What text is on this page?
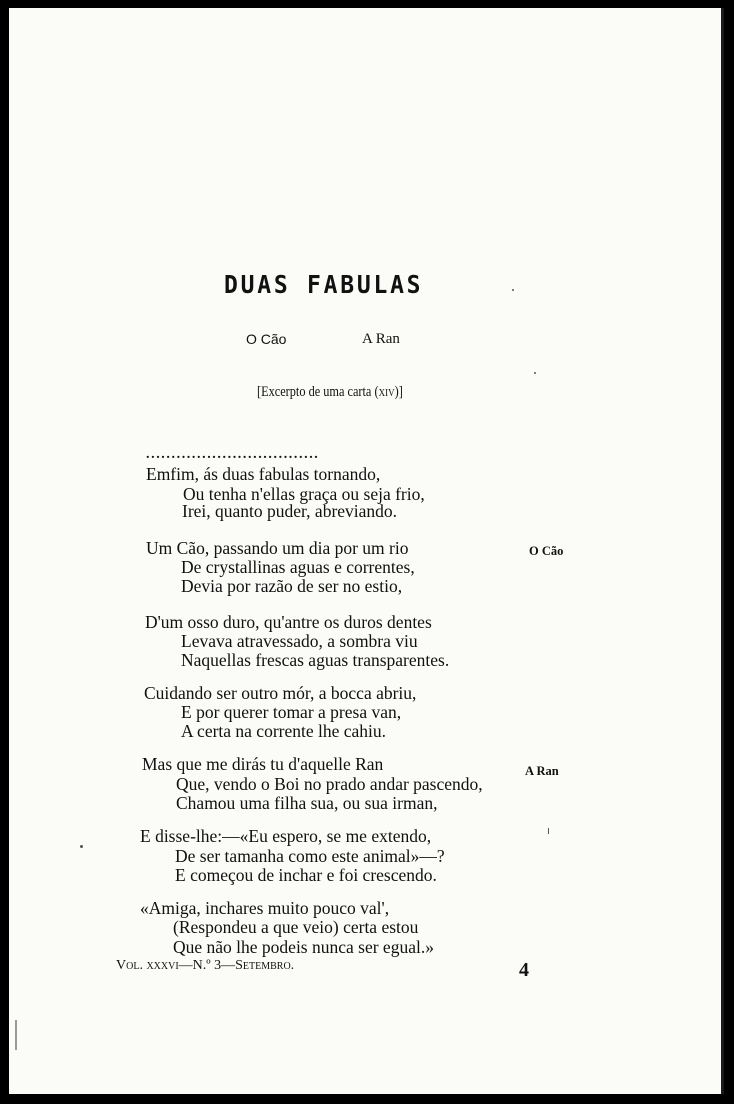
DUAS FABULAS
O Cão	A Ran
[Excerpto de uma carta (xiv)]
..................................
Emfim, ás duas fabulas tornando,
Ou tenha n'ellas graça ou seja frio,
Irei, quanto puder, abreviando.
Um Cão, passando um dia por um rio
De crystallinas aguas e correntes,
Devia por razão de ser no estio,
O Cão
D'um osso duro, qu'antre os duros dentes
Levava atravessado, a sombra viu
Naquellas frescas aguas transparentes.
Cuidando ser outro mór, a bocca abriu,
E por querer tomar a presa van,
A certa na corrente lhe cahiu.
Mas que me dirás tu d'aquelle Ran
Que, vendo o Boi no prado andar pascendo,
Chamou uma filha sua, ou sua irman,
A Ran
E disse-lhe:—«Eu espero, se me extendo,
De ser tamanha como este animal»—?
E começou de inchar e foi crescendo.
«Amiga, inchares muito pouco val',
(Respondeu a que veio) certa estou
Que não lhe podeis nunca ser egual.»
Vol. xxxvi—N.º 3—Setembro.	4
